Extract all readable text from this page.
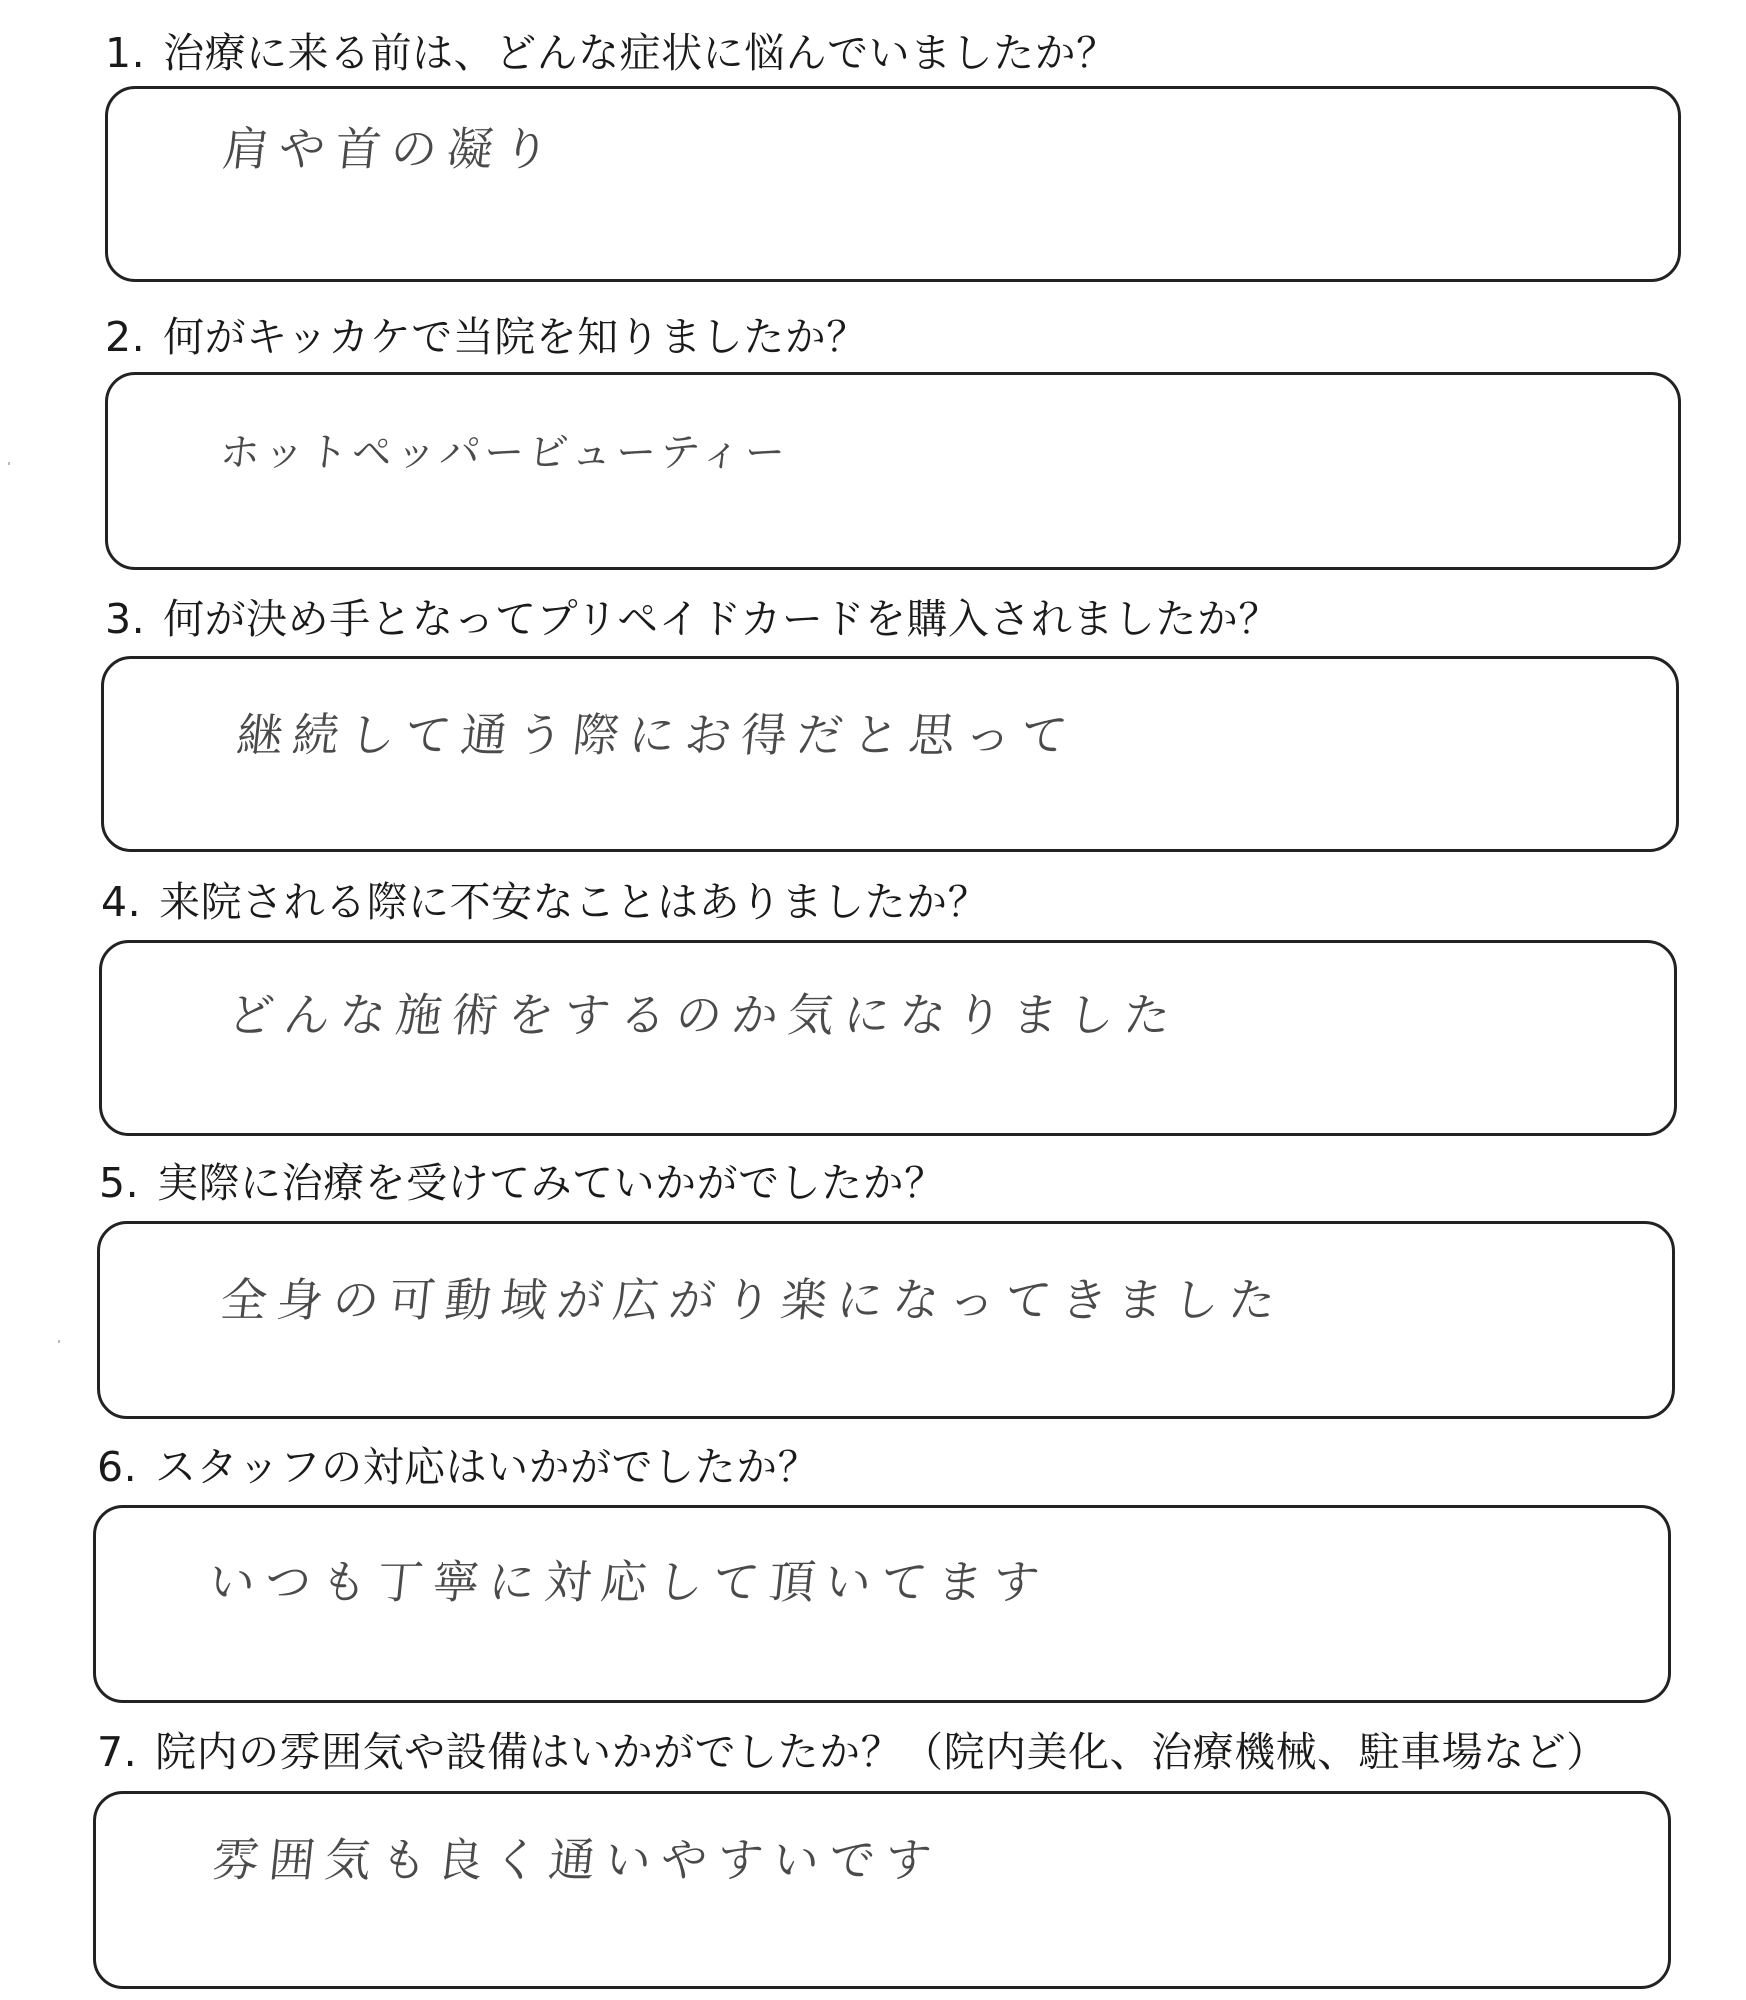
1. 治療に来る前は、どんな症状に悩んでいましたか？
肩や首の凝り
2. 何がキッカケで当院を知りましたか？
ホットペッパービューティー
3. 何が決め手となってプリペイドカードを購入されましたか？
継続して通う際にお得だと思って
4. 来院される際に不安なことはありましたか？
どんな施術をするのか気になりました
5. 実際に治療を受けてみていかがでしたか？
全身の可動域が広がり楽になってきました
6. スタッフの対応はいかがでしたか？
いつも丁寧に対応して頂いてます
7. 院内の雰囲気や設備はいかがでしたか？（院内美化、治療機械、駐車場など）
雰囲気も良く通いやすいです
